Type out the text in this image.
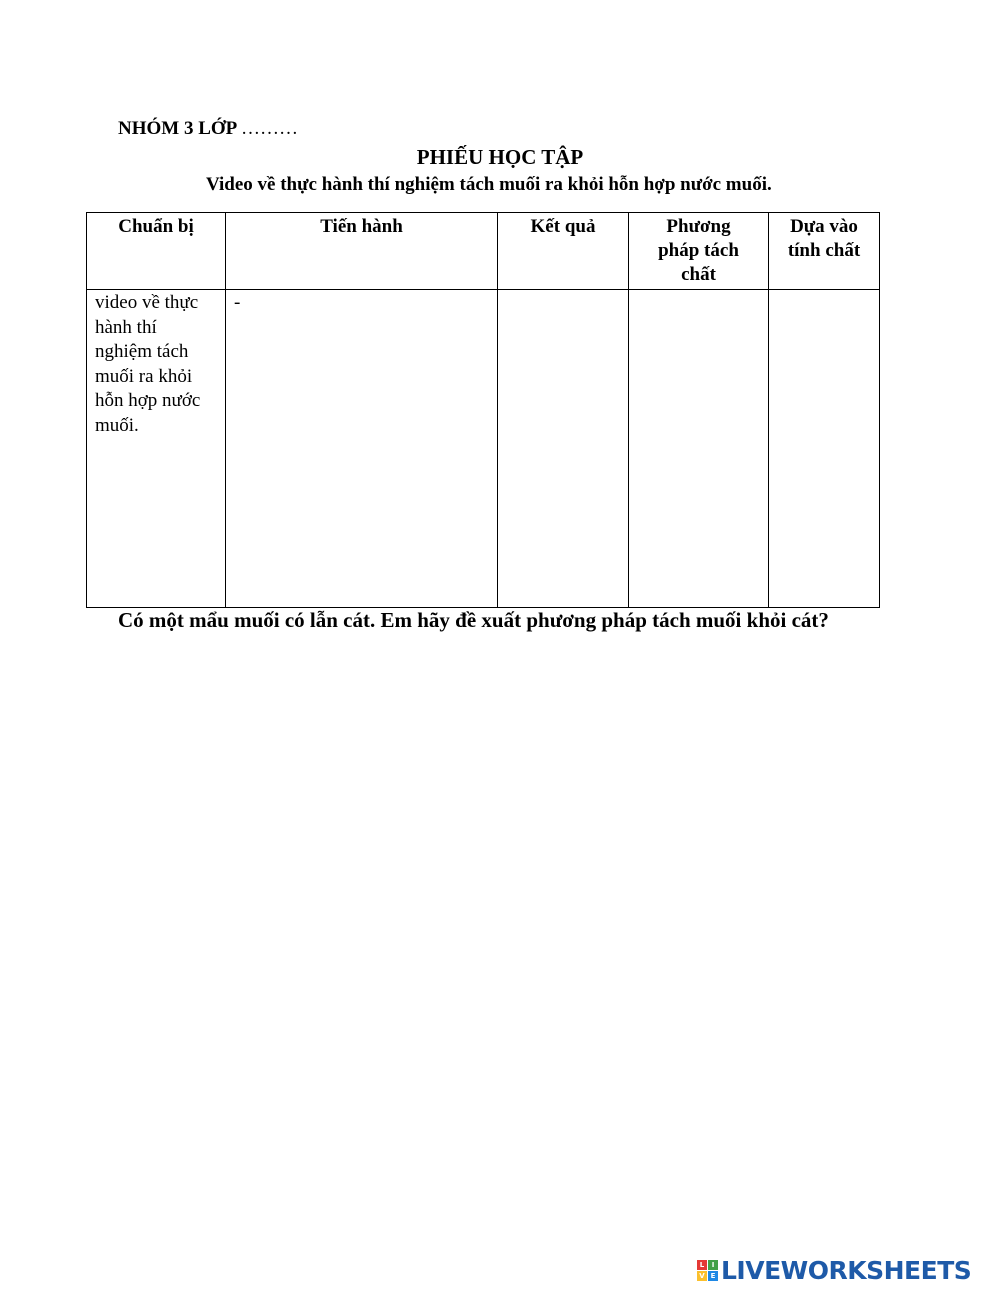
NHÓM 3 LỚP ………
PHIẾU HỌC TẬP
Video về thực hành thí nghiệm tách muối ra khỏi hỗn hợp nước muối.
Chuẩn bị	Tiến hành	Kết quả	Phương pháp tách chất	Dựa vào tính chất
video về thực hành thí nghiệm tách muối ra khỏi hỗn hợp nước muối.	-			
Có một mẩu muối có lẫn cát. Em hãy đề xuất phương pháp tách muối khỏi cát?
L	I
V E LIVEWORKSHEETS
